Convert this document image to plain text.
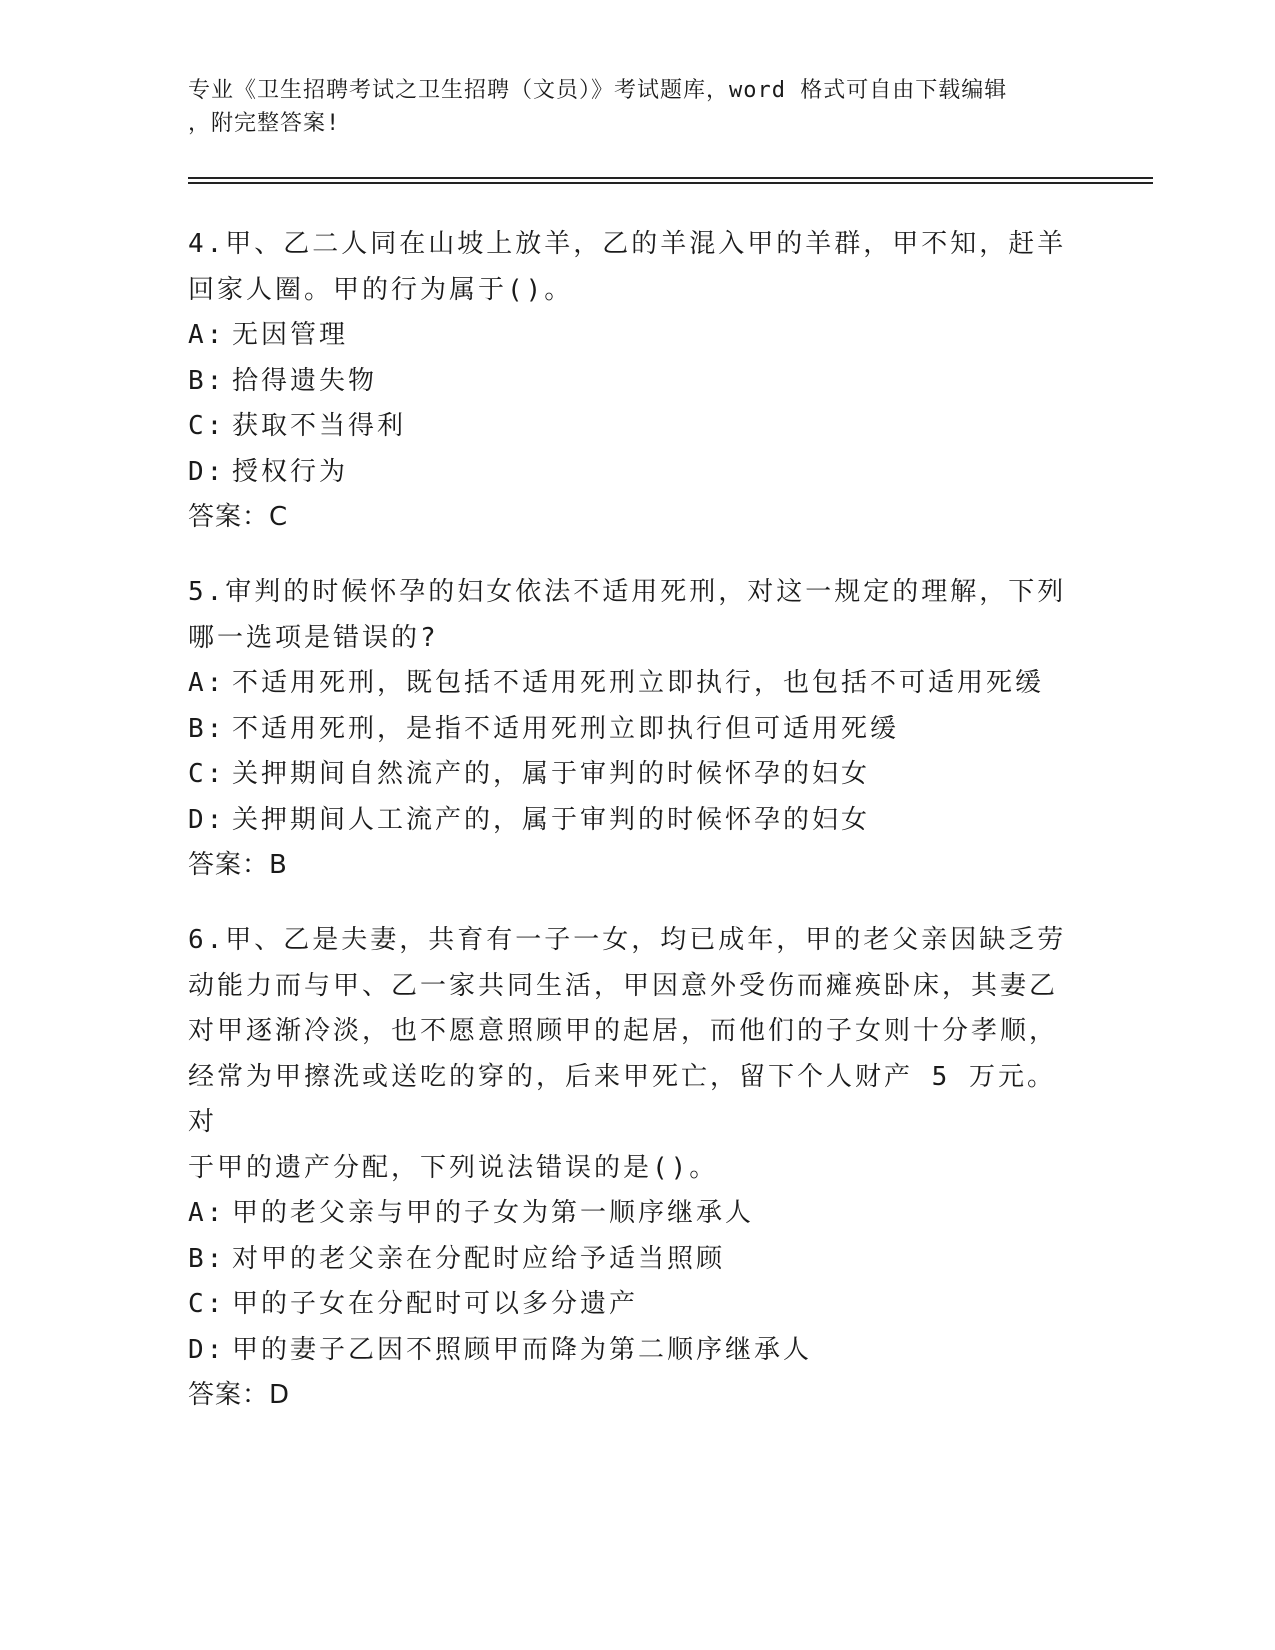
专业《卫生招聘考试之卫生招聘（文员）》考试题库，word 格式可自由下载编辑
，附完整答案!
4.甲、乙二人同在山坡上放羊，乙的羊混入甲的羊群，甲不知，赶羊
回家人圈。甲的行为属于()。
A: 无因管理
B: 拾得遗失物
C: 获取不当得利
D: 授权行为
答案：C
5.审判的时候怀孕的妇女依法不适用死刑，对这一规定的理解，下列
哪一选项是错误的?
A: 不适用死刑，既包括不适用死刑立即执行，也包括不可适用死缓
B: 不适用死刑，是指不适用死刑立即执行但可适用死缓
C: 关押期间自然流产的，属于审判的时候怀孕的妇女
D: 关押期间人工流产的，属于审判的时候怀孕的妇女
答案：B
6.甲、乙是夫妻，共育有一子一女，均已成年，甲的老父亲因缺乏劳
动能力而与甲、乙一家共同生活，甲因意外受伤而瘫痪卧床，其妻乙
对甲逐渐冷淡，也不愿意照顾甲的起居，而他们的子女则十分孝顺，
经常为甲擦洗或送吃的穿的，后来甲死亡，留下个人财产 5 万元。对
于甲的遗产分配，下列说法错误的是()。
A: 甲的老父亲与甲的子女为第一顺序继承人
B: 对甲的老父亲在分配时应给予适当照顾
C: 甲的子女在分配时可以多分遗产
D: 甲的妻子乙因不照顾甲而降为第二顺序继承人
答案：D
